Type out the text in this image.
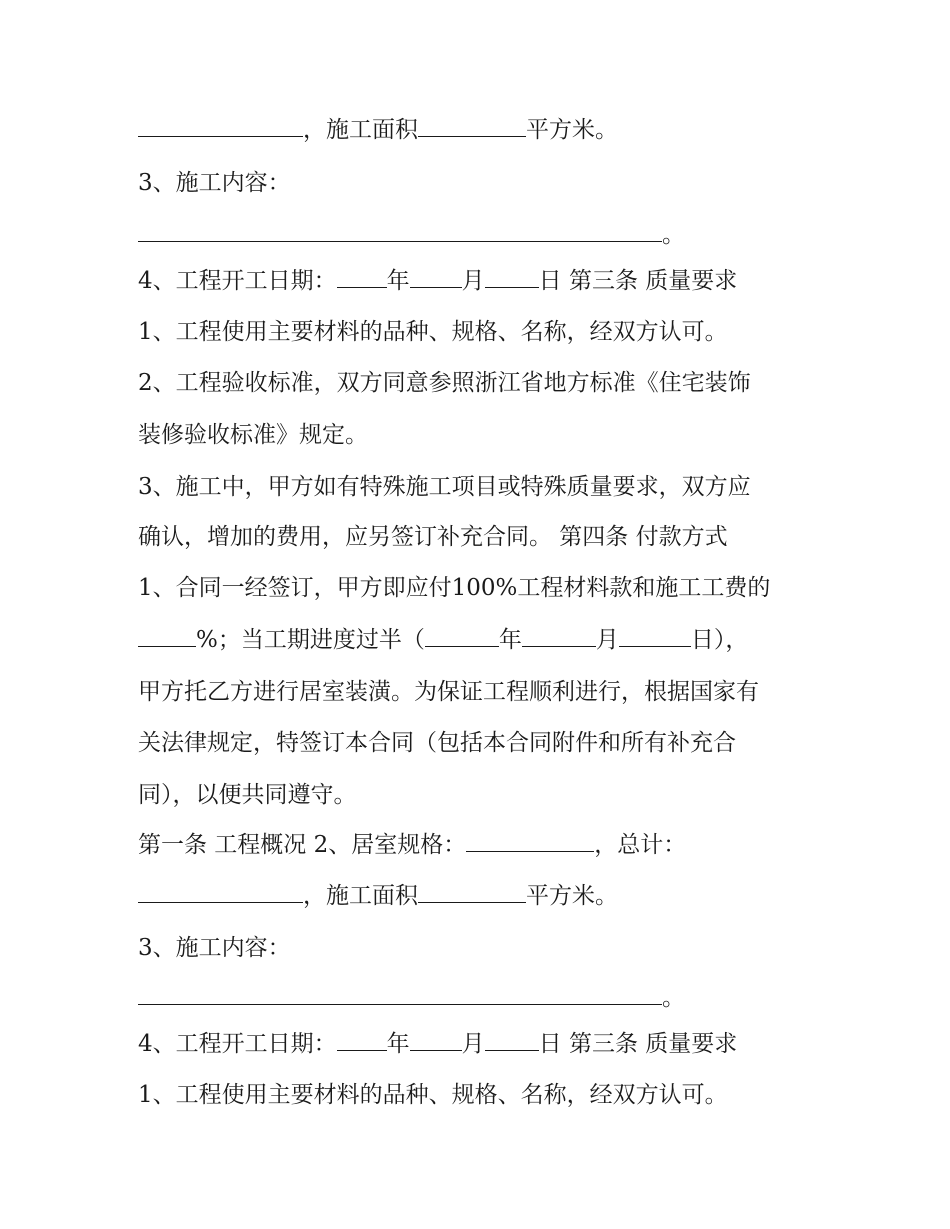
，施工面积	平方米。
3、施工内容：
。
4、工程开工日期： 年 月 日 第三条 质量要求
1、工程使用主要材料的品种、规格、名称，经双方认可。
2、工程验收标准，双方同意参照浙江省地方标准《住宅装饰
装修验收标准》规定。
3、施工中，甲方如有特殊施工项目或特殊质量要求，双方应
确认，增加的费用，应另签订补充合同。 第四条 付款方式
1、合同一经签订，甲方即应付100%工程材料款和施工工费的
%；当工期进度过半（	年	月	日），
甲方托乙方进行居室装潢。为保证工程顺利进行，根据国家有
关法律规定，特签订本合同（包括本合同附件和所有补充合
同），以便共同遵守。
第一条 工程概况 2、居室规格：	，总计：
，施工面积	平方米。
3、施工内容：
。
4、工程开工日期： 年 月 日 第三条 质量要求
1、工程使用主要材料的品种、规格、名称，经双方认可。
